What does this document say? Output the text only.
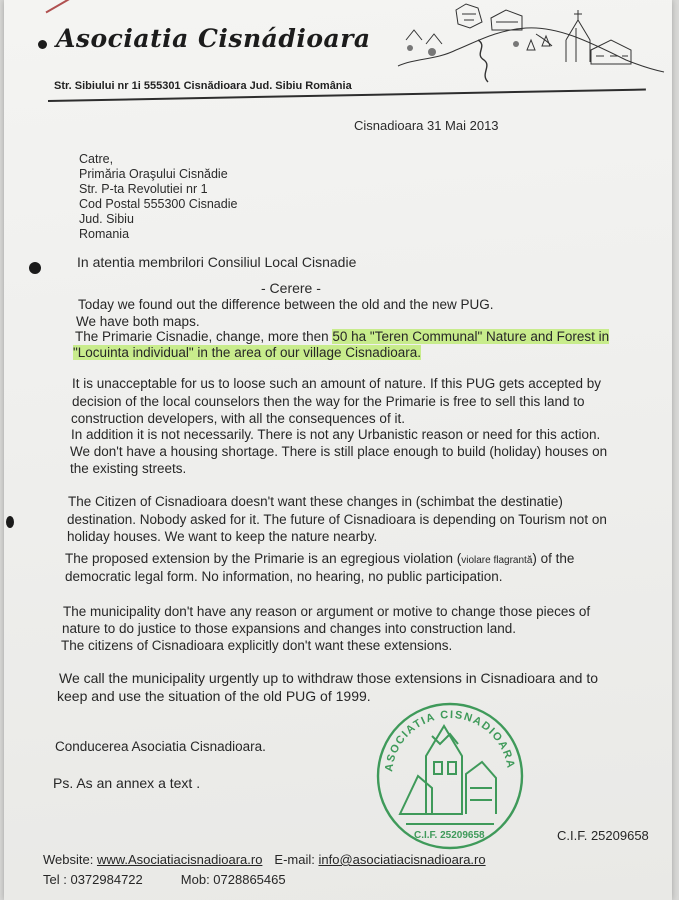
Asociatia Cisnádioara
Str. Sibiului nr 1i 555301 Cisnădioara Jud. Sibiu România
Cisnadioara 31 Mai 2013
Catre,
Primăria Oraşului Cisnădie
Str. P-ta Revolutiei nr 1
Cod Postal 555300 Cisnadie
Jud. Sibiu
Romania
In atentia membrilori Consiliul Local Cisnadie
- Cerere -
Today we found out the difference between the old and the new PUG.
We have both maps.
The Primarie Cisnadie, change, more then 50 ha "Teren Communal" Nature and Forest in
"Locuinta individual" in the area of our village Cisnadioara.
It is unacceptable for us to loose such an amount of nature. If this PUG gets accepted by
decision of the local counselors then the way for the Primarie is free to sell this land to
construction developers, with all the consequences of it.
In addition it is not necessarily. There is not any Urbanistic reason or need for this action.
We don't have a housing shortage. There is still place enough to build (holiday) houses on
the existing streets.
The Citizen of Cisnadioara doesn't want these changes in (schimbat the destinatie)
destination. Nobody asked for it. The future of Cisnadioara is depending on Tourism not on
holiday houses. We want to keep the nature nearby.
The proposed extension by the Primarie is an egregious violation (violare flagrantă) of the
democratic legal form. No information, no hearing, no public participation.
The municipality don't have any reason or argument or motive to change those pieces of
nature to do justice to those expansions and changes into construction land.
The citizens of Cisnadioara explicitly don't want these extensions.
We call the municipality urgently up to withdraw those extensions in Cisnadioara and to
keep and use the situation of the old PUG of 1999.
Conducerea Asociatia Cisnadioara.
Ps. As an annex a text .
ASOCIATIA CISNADIOARA
C.I.F. 25209658	C.I.F. 25209658
Website: www.Asociatiacisnadioara.ro E-mail: info@asociatiacisnadioara.ro
Tel : 0372984722	Mob: 0728865465
